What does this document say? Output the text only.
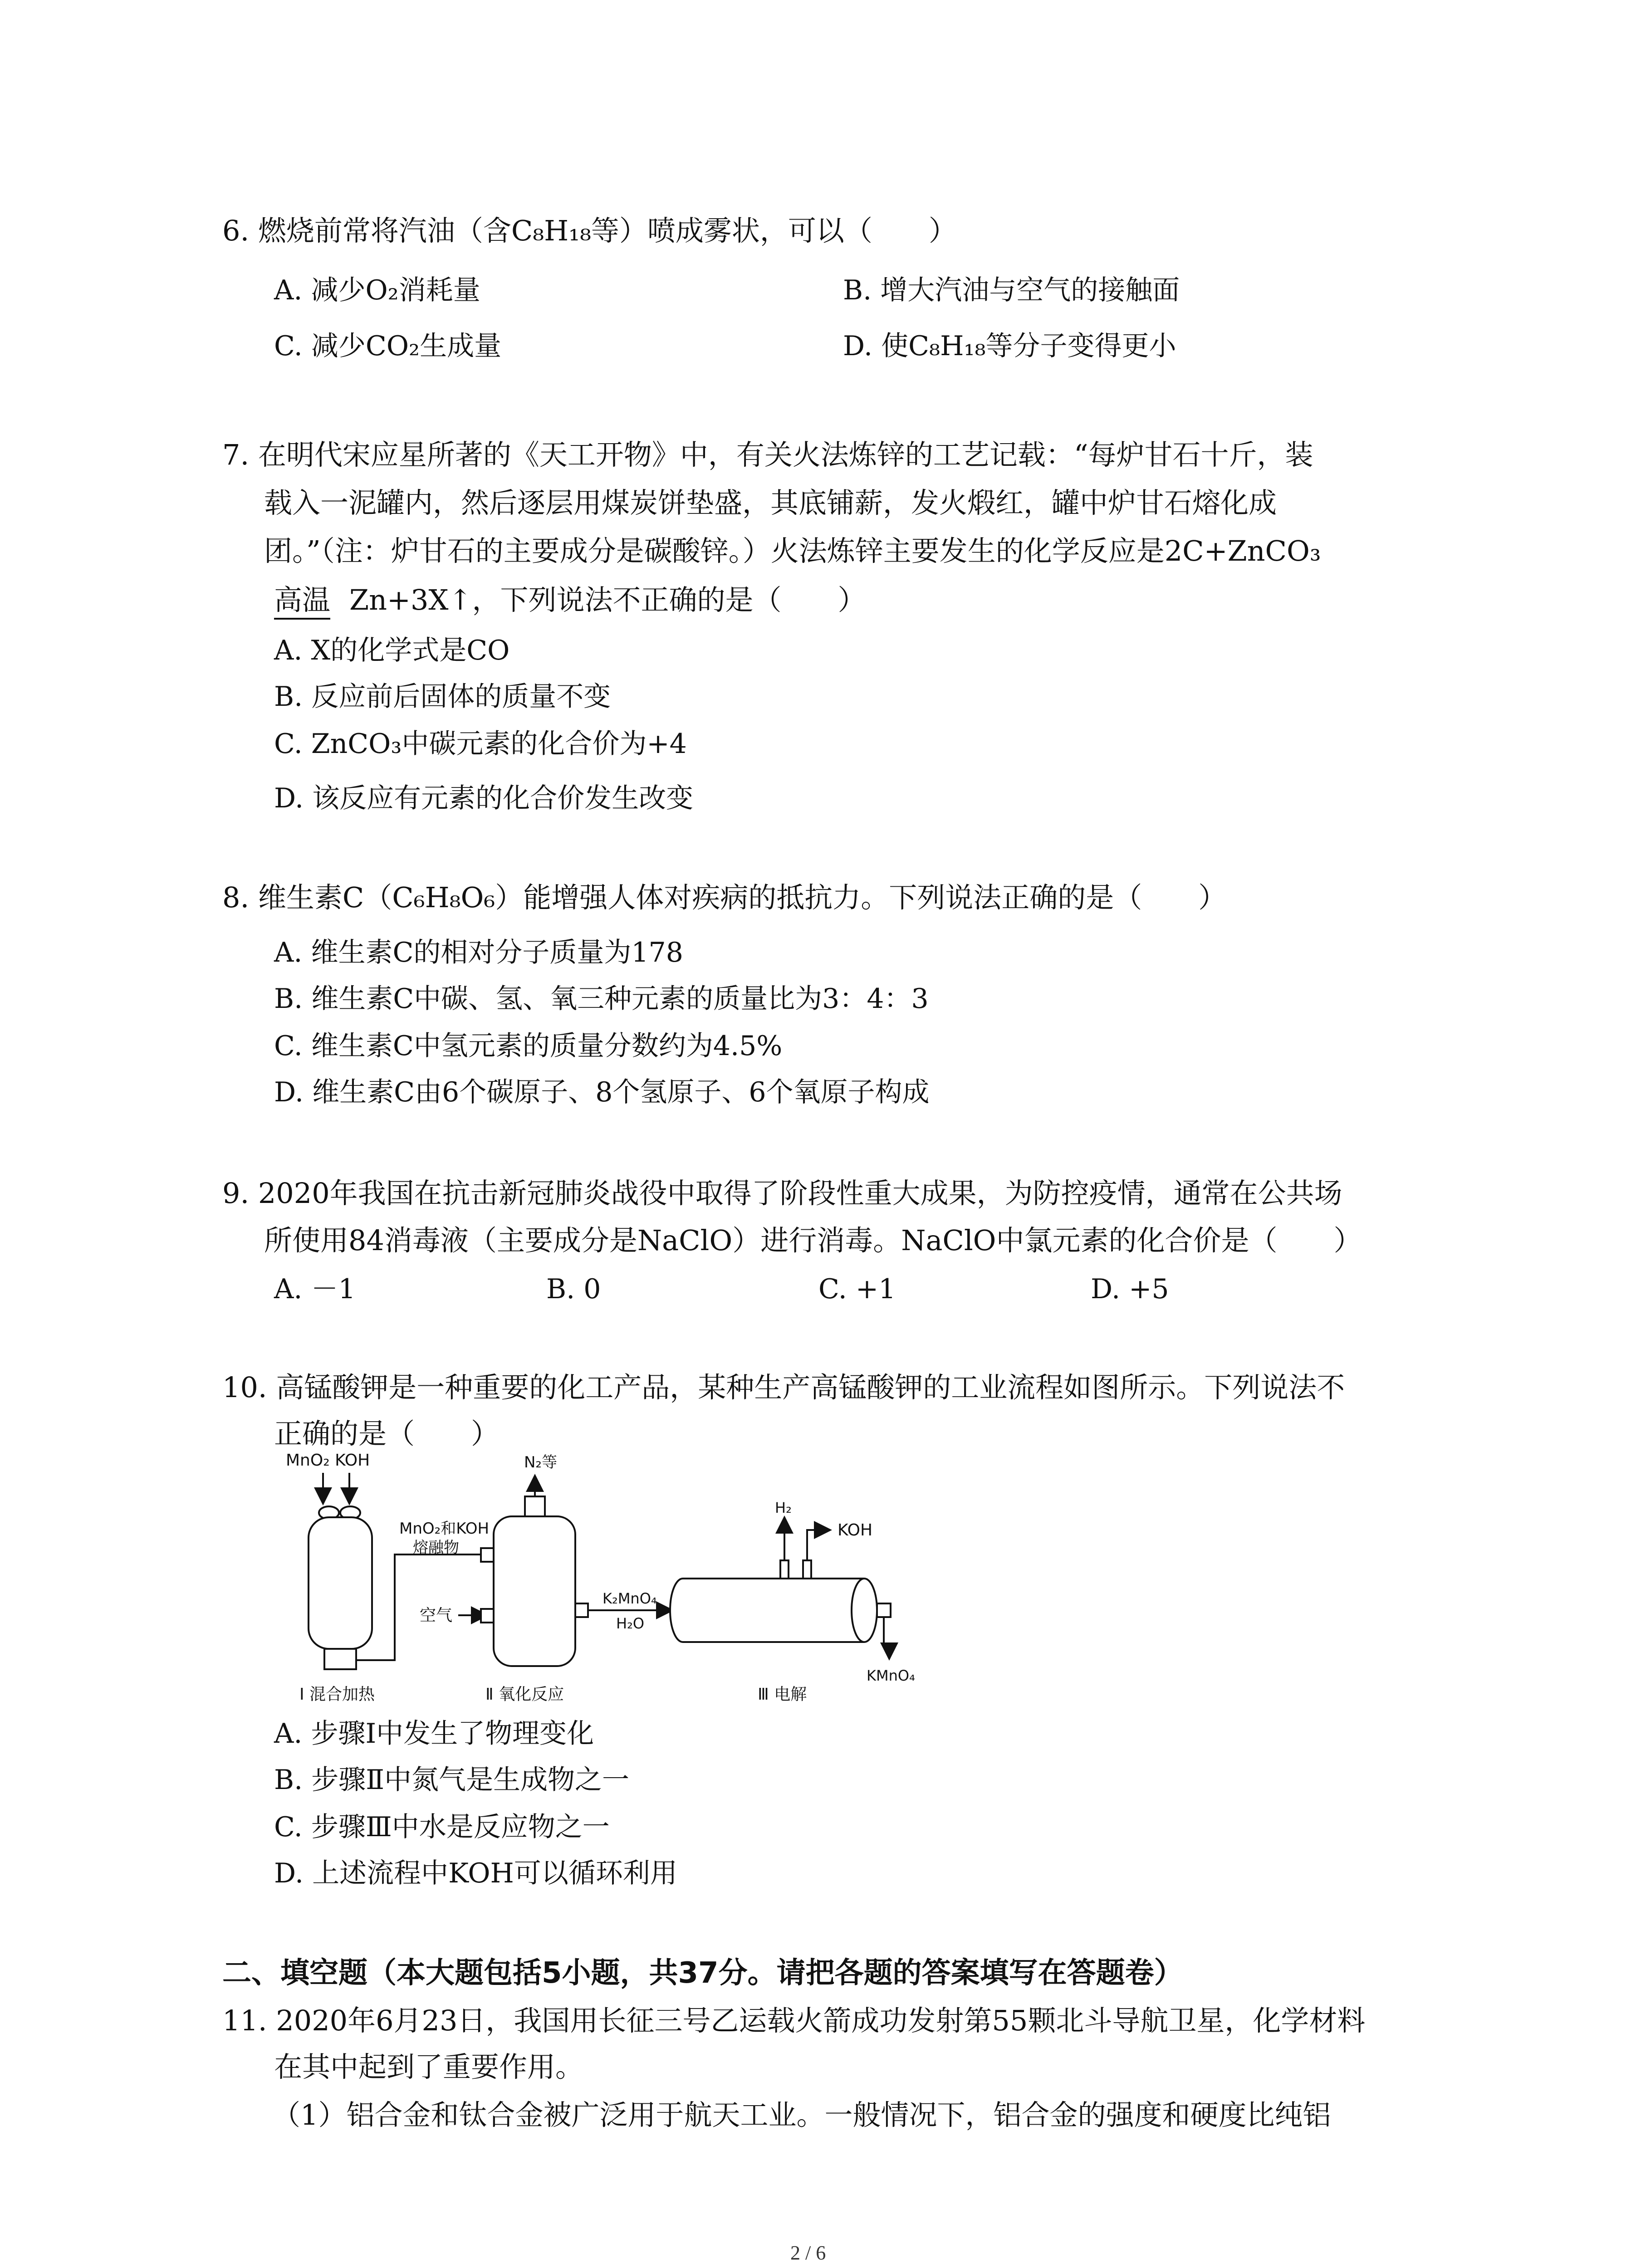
6. 燃烧前常将汽油（含C₈H₁₈等）喷成雾状，可以（　　）
A. 减少O₂消耗量	B. 增大汽油与空气的接触面
C. 减少CO₂生成量	D. 使C₈H₁₈等分子变得更小
7. 在明代宋应星所著的《天工开物》中，有关火法炼锌的工艺记载：“每炉甘石十斤，装
载入一泥罐内，然后逐层用煤炭饼垫盛，其底铺薪，发火煅红，罐中炉甘石熔化成
团。”（注：炉甘石的主要成分是碳酸锌。）火法炼锌主要发生的化学反应是2C+ZnCO₃
高温 Zn+3X↑，下列说法不正确的是（　　）
A. X的化学式是CO
B. 反应前后固体的质量不变
C. ZnCO₃中碳元素的化合价为+4
D. 该反应有元素的化合价发生改变
8. 维生素C（C₆H₈O₆）能增强人体对疾病的抵抗力。下列说法正确的是（　　）
A. 维生素C的相对分子质量为178
B. 维生素C中碳、氢、氧三种元素的质量比为3：4：3
C. 维生素C中氢元素的质量分数约为4.5%
D. 维生素C由6个碳原子、8个氢原子、6个氧原子构成
9. 2020年我国在抗击新冠肺炎战役中取得了阶段性重大成果，为防控疫情，通常在公共场
所使用84消毒液（主要成分是NaClO）进行消毒。NaClO中氯元素的化合价是（　　）
A. －1	B. 0	C. +1	D. +5
10. 高锰酸钾是一种重要的化工产品，某种生产高锰酸钾的工业流程如图所示。下列说法不
正确的是（　　）
MnO₂ KOH
MnO₂和KOH
熔融物
N₂等
空气
K₂MnO₄
H₂O
H₂
KOH
KMnO₄
Ⅰ 混合加热	Ⅱ 氧化反应	Ⅲ 电解
A. 步骤Ⅰ中发生了物理变化
B. 步骤Ⅱ中氮气是生成物之一
C. 步骤Ⅲ中水是反应物之一
D. 上述流程中KOH可以循环利用
二、填空题（本大题包括5小题，共37分。请把各题的答案填写在答题卷）
11. 2020年6月23日，我国用长征三号乙运载火箭成功发射第55颗北斗导航卫星，化学材料
在其中起到了重要作用。
（1）铝合金和钛合金被广泛用于航天工业。一般情况下，铝合金的强度和硬度比纯铝
2 / 6
